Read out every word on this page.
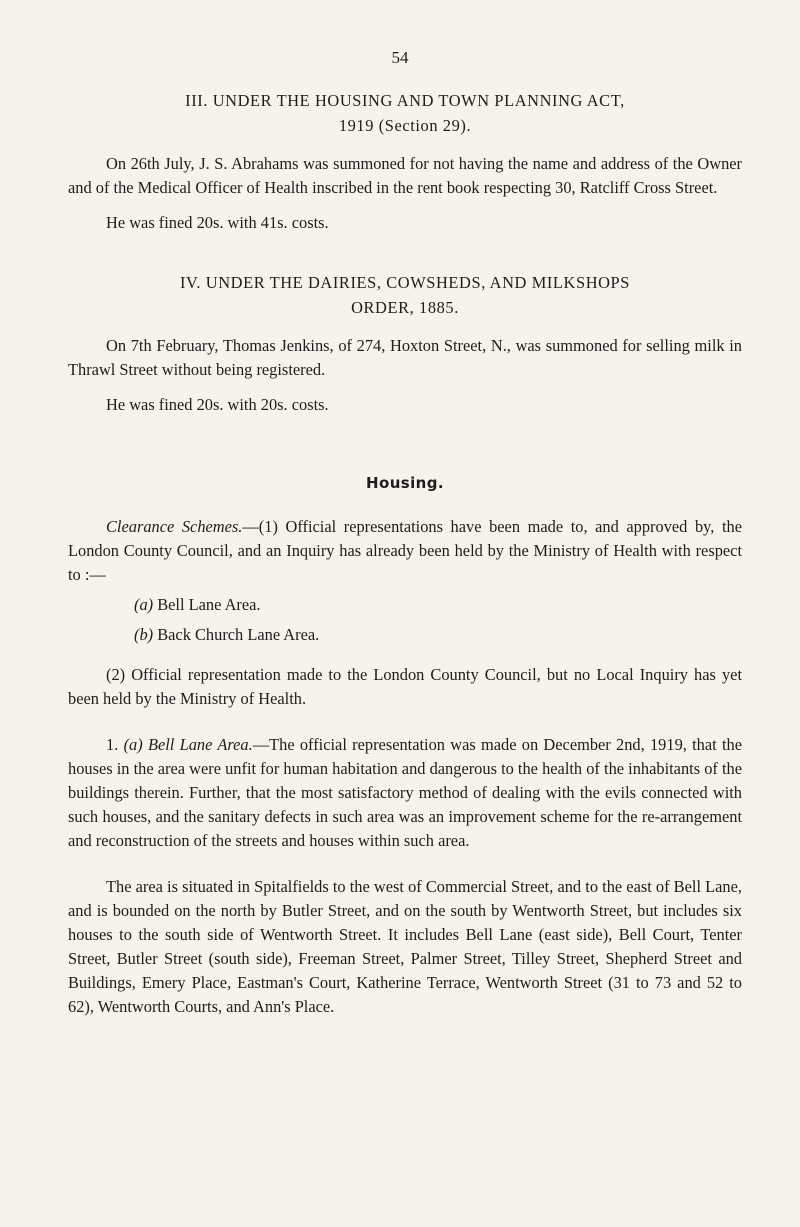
54
III. UNDER THE HOUSING AND TOWN PLANNING ACT,
1919 (Section 29).

On 26th July, J. S. Abrahams was summoned for not having the name and address of the Owner and of the Medical Officer of Health inscribed in the rent book respecting 30, Ratcliff Cross Street.

He was fined 20s. with 41s. costs.

IV. UNDER THE DAIRIES, COWSHEDS, AND MILKSHOPS
ORDER, 1885.

On 7th February, Thomas Jenkins, of 274, Hoxton Street, N., was summoned for selling milk in Thrawl Street without being registered.

He was fined 20s. with 20s. costs.

Housing.

Clearance Schemes.—(1) Official representations have been made to, and approved by, the London County Council, and an Inquiry has already been held by the Ministry of Health with respect to :—

(a) Bell Lane Area.

(b) Back Church Lane Area.

(2) Official representation made to the London County Council, but no Local Inquiry has yet been held by the Ministry of Health.

1. (a) Bell Lane Area.—The official representation was made on December 2nd, 1919, that the houses in the area were unfit for human habitation and dangerous to the health of the inhabitants of the buildings therein. Further, that the most satisfactory method of dealing with the evils connected with such houses, and the sanitary defects in such area was an improvement scheme for the re-arrangement and reconstruction of the streets and houses within such area.

The area is situated in Spitalfields to the west of Commercial Street, and to the east of Bell Lane, and is bounded on the north by Butler Street, and on the south by Wentworth Street, but includes six houses to the south side of Wentworth Street. It includes Bell Lane (east side), Bell Court, Tenter Street, Butler Street (south side), Freeman Street, Palmer Street, Tilley Street, Shepherd Street and Buildings, Emery Place, Eastman's Court, Katherine Terrace, Wentworth Street (31 to 73 and 52 to 62), Wentworth Courts, and Ann's Place.
